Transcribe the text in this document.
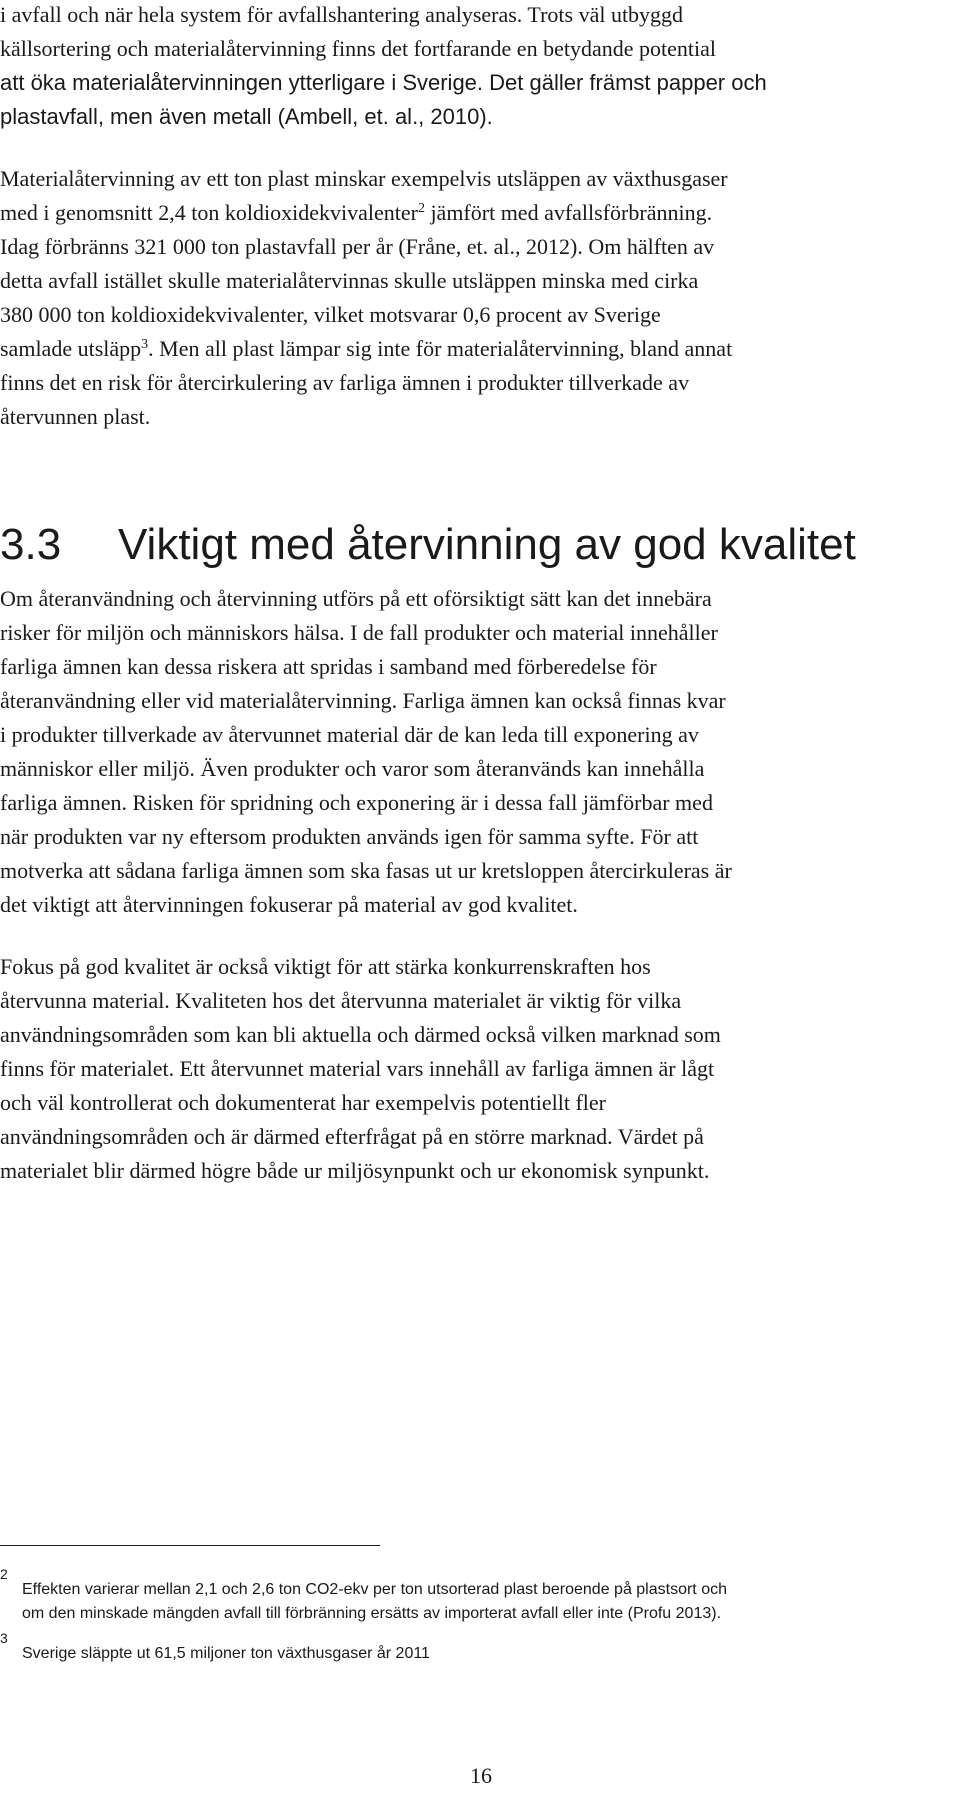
i avfall och när hela system för avfallshantering analyseras. Trots väl utbyggd

källsortering och materialåtervinning finns det fortfarande en betydande potential

att öka materialåtervinningen ytterligare i Sverige. Det gäller främst papper och

plastavfall, men även metall (Ambell, et. al., 2010).

Materialåtervinning av ett ton plast minskar exempelvis utsläppen av växthusgaser

med i genomsnitt 2,4 ton koldioxidekvivalenter$^2$ jämfört med avfallsförbränning.

Idag förbränns 321 000 ton plastavfall per år (Fråne, et. al., 2012). Om hälften av

detta avfall istället skulle materialåtervinnas skulle utsläppen minska med cirka

380 000 ton koldioxidekvivalenter, vilket motsvarar 0,6 procent av Sverige

samlade utsläpp$^3$. Men all plast lämpar sig inte för materialåtervinning, bland annat

finns det en risk för återcirkulering av farliga ämnen i produkter tillverkade av

återvunnen plast.

3.3 Viktigt med återvinning av god kvalitet

Om återanvändning och återvinning utförs på ett oförsiktigt sätt kan det innebära

risker för miljön och människors hälsa. I de fall produkter och material innehåller

farliga ämnen kan dessa riskera att spridas i samband med förberedelse för

återanvändning eller vid materialåtervinning. Farliga ämnen kan också finnas kvar

i produkter tillverkade av återvunnet material där de kan leda till exponering av

människor eller miljö. Även produkter och varor som återanvänds kan innehålla

farliga ämnen. Risken för spridning och exponering är i dessa fall jämförbar med

när produkten var ny eftersom produkten används igen för samma syfte. För att

motverka att sådana farliga ämnen som ska fasas ut ur kretsloppen återcirkuleras är

det viktigt att återvinningen fokuserar på material av god kvalitet.

Fokus på god kvalitet är också viktigt för att stärka konkurrenskraften hos

återvunna material. Kvaliteten hos det återvunna materialet är viktig för vilka

användningsområden som kan bli aktuella och därmed också vilken marknad som

finns för materialet. Ett återvunnet material vars innehåll av farliga ämnen är lågt

och väl kontrollerat och dokumenterat har exempelvis potentiellt fler

användningsområden och är därmed efterfrågat på en större marknad. Värdet på

materialet blir därmed högre både ur miljösynpunkt och ur ekonomisk synpunkt.

2

Effekten varierar mellan 2,1 och 2,6 ton CO2-ekv per ton utsorterad plast beroende på plastsort och

om den minskade mängden avfall till förbränning ersätts av importerat avfall eller inte (Profu 2013).

3

Sverige släppte ut 61,5 miljoner ton växthusgaser år 2011

16
